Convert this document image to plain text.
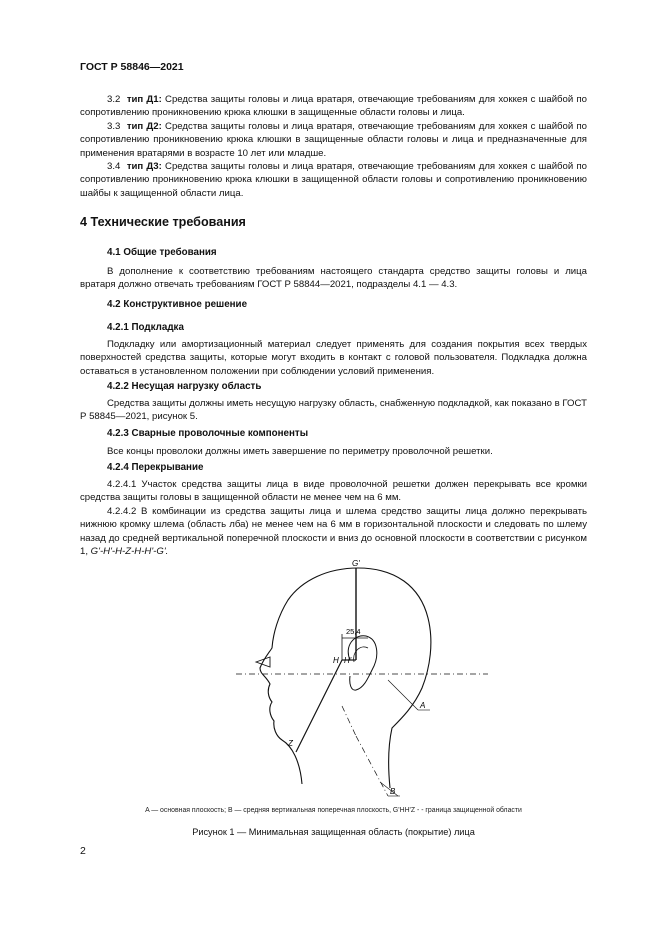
ГОСТ Р 58846—2021

3.2 тип Д1: Средства защиты головы и лица вратаря, отвечающие требованиям для хоккея с шайбой по сопротивлению проникновению крюка клюшки в защищенные области головы и лица.

3.3 тип Д2: Средства защиты головы и лица вратаря, отвечающие требованиям для хоккея с шайбой по сопротивлению проникновению крюка клюшки в защищенные области головы и лица и предназначенные для применения вратарями в возрасте 10 лет или младше.

3.4 тип Д3: Средства защиты головы и лица вратаря, отвечающие требованиям для хоккея с шайбой по сопротивлению проникновению крюка клюшки в защищенной области головы и сопротивлению проникновению шайбы к защищенной области лица.

4 Технические требования
4.1 Общие требования

В дополнение к соответствию требованиям настоящего стандарта средство защиты головы и лица вратаря должно отвечать требованиям ГОСТ Р 58844—2021, подразделы 4.1 — 4.3.

4.2 Конструктивное решение
4.2.1 Подкладка

Подкладку или амортизационный материал следует применять для создания покрытия всех твердых поверхностей средства защиты, которые могут входить в контакт с головой пользователя. Подкладка должна оставаться в установленном положении при соблюдении условий применения.

4.2.2 Несущая нагрузку область

Средства защиты должны иметь несущую нагрузку область, снабженную подкладкой, как показано в ГОСТ Р 58845—2021, рисунок 5.

4.2.3 Сварные проволочные компоненты

Все концы проволоки должны иметь завершение по периметру проволочной решетки.

4.2.4 Перекрывание

4.2.4.1 Участок средства защиты лица в виде проволочной решетки должен перекрывать все кромки средства защиты головы в защищенной области не менее чем на 6 мм.

4.2.4.2 В комбинации из средства защиты лица и шлема средство защиты лица должно перекрывать нижнюю кромку шлема (область лба) не менее чем на 6 мм в горизонтальной плоскости и следовать по шлему назад до средней вертикальной поперечной плоскости и вниз до основной плоскости в соответствии с рисунком 1, G'-H'-H-Z-H-H'-G'.

G'
25,4
H H'
Z
A
B
A — основная плоскость; B — средняя вертикальная поперечная плоскость, G'HH'Z - - граница защищенной области
Рисунок 1 — Минимальная защищенная область (покрытие) лица
2
